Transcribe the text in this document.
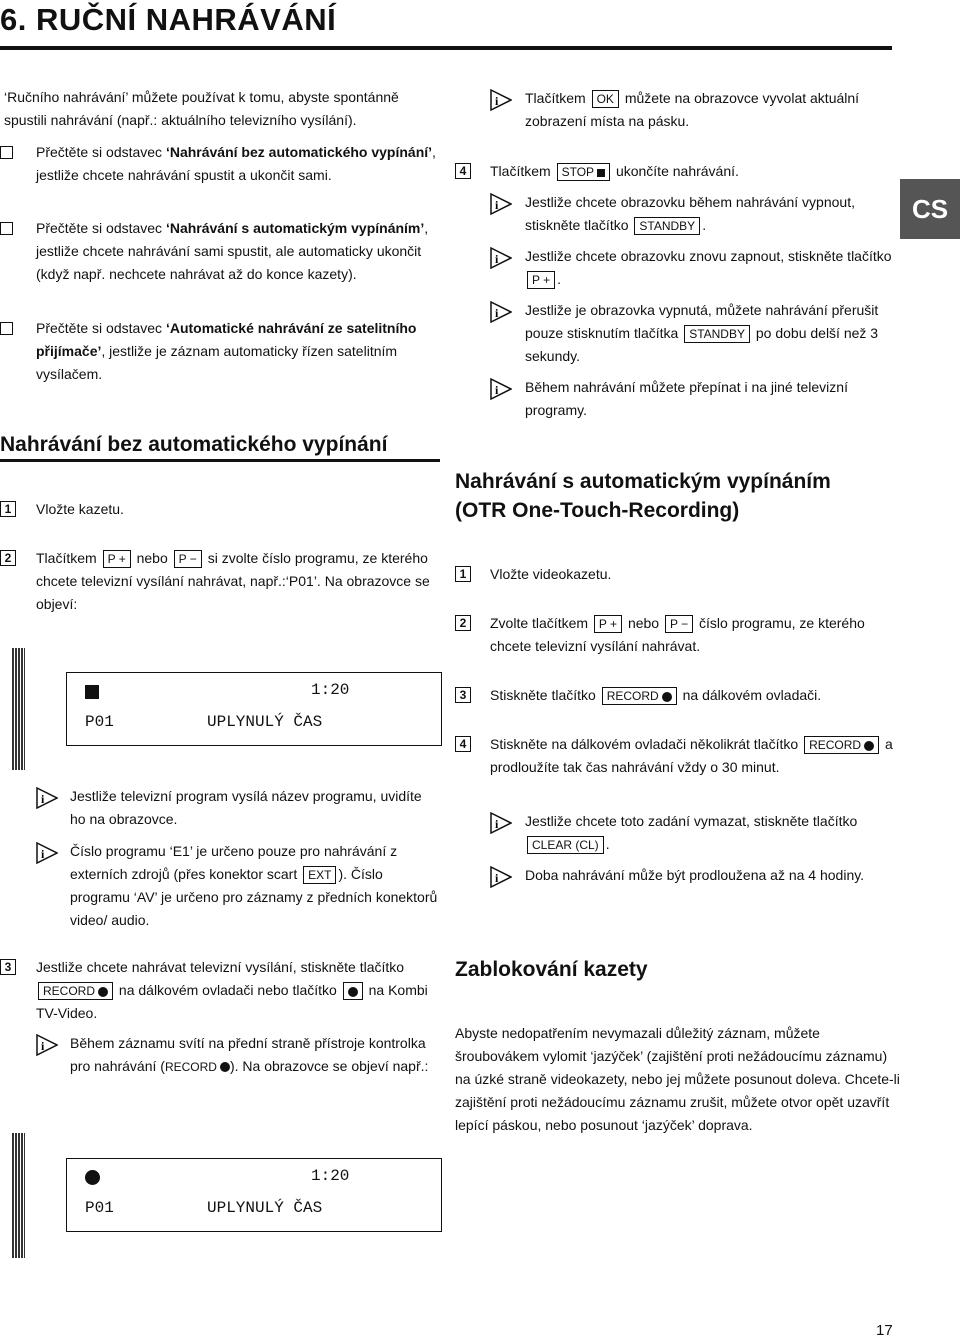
6. RUČNÍ NAHRÁVÁNÍ
CS

‘Ručního nahrávání’ můžete používat k tomu, abyste spontánně spustili nahrávání (např.: aktuálního televizního vysílání).

Přečtěte si odstavec ‘Nahrávání bez automatického vypínání’, jestliže chcete nahrávání spustit a ukončit sami.

Přečtěte si odstavec ‘Nahrávání s automatickým vypínáním’, jestliže chcete nahrávání sami spustit, ale automaticky ukončit (když např. nechcete nahrávat až do konce kazety).

Přečtěte si odstavec ‘Automatické nahrávání ze satelitního přijímače’, jestliže je záznam automaticky řízen satelitním vysílačem.

Nahrávání bez automatického vypínání
1	Vložte kazetu.

2	Tlačítkem P + nebo P − si zvolte číslo programu, ze kterého chcete televizní vysílání nahrávat, např.:‘P01’. Na obrazovce se objeví:

1:20
P01	UPLYNULÝ ČAS
i	Jestliže televizní program vysílá název programu, uvidíte ho na obrazovce.

i	Číslo programu ‘E1’ je určeno pouze pro nahrávání z externích zdrojů (přes konektor scart EXT ). Číslo programu ‘AV’ je určeno pro záznamy z předních konektorů video/ audio.

3	Jestliže chcete nahrávat televizní vysílání, stiskněte tlačítko RECORD na dálkovém ovladači nebo tlačítko na Kombi TV-Video.

i	Během záznamu svítí na přední straně přístroje kontrolka pro nahrávání (RECORD ). Na obrazovce se objeví např.:

1:20
P01	UPLYNULÝ ČAS
i	Tlačítkem OK můžete na obrazovce vyvolat aktuální zobrazení místa na pásku.

4	Tlačítkem STOP ukončíte nahrávání.

i	Jestliže chcete obrazovku během nahrávání vypnout, stiskněte tlačítko STANDBY .

i	Jestliže chcete obrazovku znovu zapnout, stiskněte tlačítko P + .

i	Jestliže je obrazovka vypnutá, můžete nahrávání přerušit pouze stisknutím tlačítka STANDBY po dobu delší než 3 sekundy.

i	Během nahrávání můžete přepínat i na jiné televizní programy.

Nahrávání s automatickým vypínáním (OTR One-Touch-Recording)
1	Vložte videokazetu.

2	Zvolte tlačítkem P + nebo P − číslo programu, ze kterého chcete televizní vysílání nahrávat.

3	Stiskněte tlačítko RECORD na dálkovém ovladači.

4	Stiskněte na dálkovém ovladači několikrát tlačítko RECORD a prodloužíte tak čas nahrávání vždy o 30 minut.

i	Jestliže chcete toto zadání vymazat, stiskněte tlačítko CLEAR (CL) .

i	Doba nahrávání může být prodloužena až na 4 hodiny.

Zablokování kazety

Abyste nedopatřením nevymazali důležitý záznam, můžete šroubovákem vylomit ‘jazýček’ (zajištění proti nežádoucímu záznamu) na úzké straně videokazety, nebo jej můžete posunout doleva. Chcete-li zajištění proti nežádoucímu záznamu zrušit, můžete otvor opět uzavřít lepící páskou, nebo posunout ‘jazýček’ doprava.

17
